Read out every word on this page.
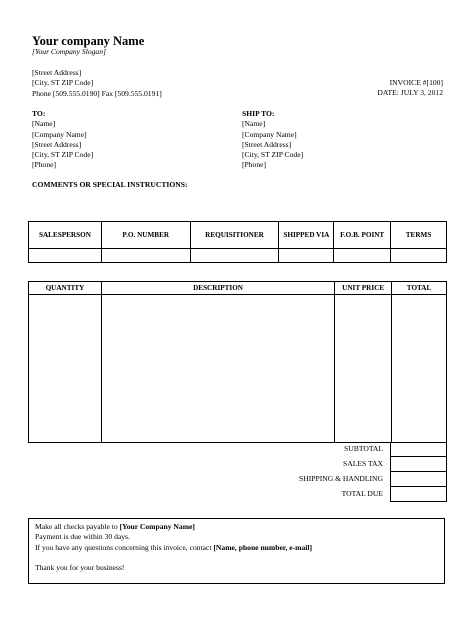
Your company Name
[Your Company Slogan]
[Street Address]
[City, ST ZIP Code]
Phone [509.555.0190] Fax [509.555.0191]
INVOICE #[100]
DATE: JULY 3, 2012
TO:
[Name]
[Company Name]
[Street Address]
[City, ST ZIP Code]
[Phone]
SHIP TO:
[Name]
[Company Name]
[Street Address]
[City, ST ZIP Code]
[Phone]
COMMENTS OR SPECIAL INSTRUCTIONS:
SALESPERSON	P.O. NUMBER	REQUISITIONER	SHIPPED VIA	F.O.B. POINT	TERMS

QUANTITY	DESCRIPTION	UNIT PRICE	TOTAL

SUBTOTAL	
SALES TAX	
SHIPPING & HANDLING	
TOTAL DUE	
Make all checks payable to [Your Company Name]
Payment is due within 30 days.
If you have any questions concerning this invoice, contact [Name, phone number, e-mail]
Thank you for your business!
